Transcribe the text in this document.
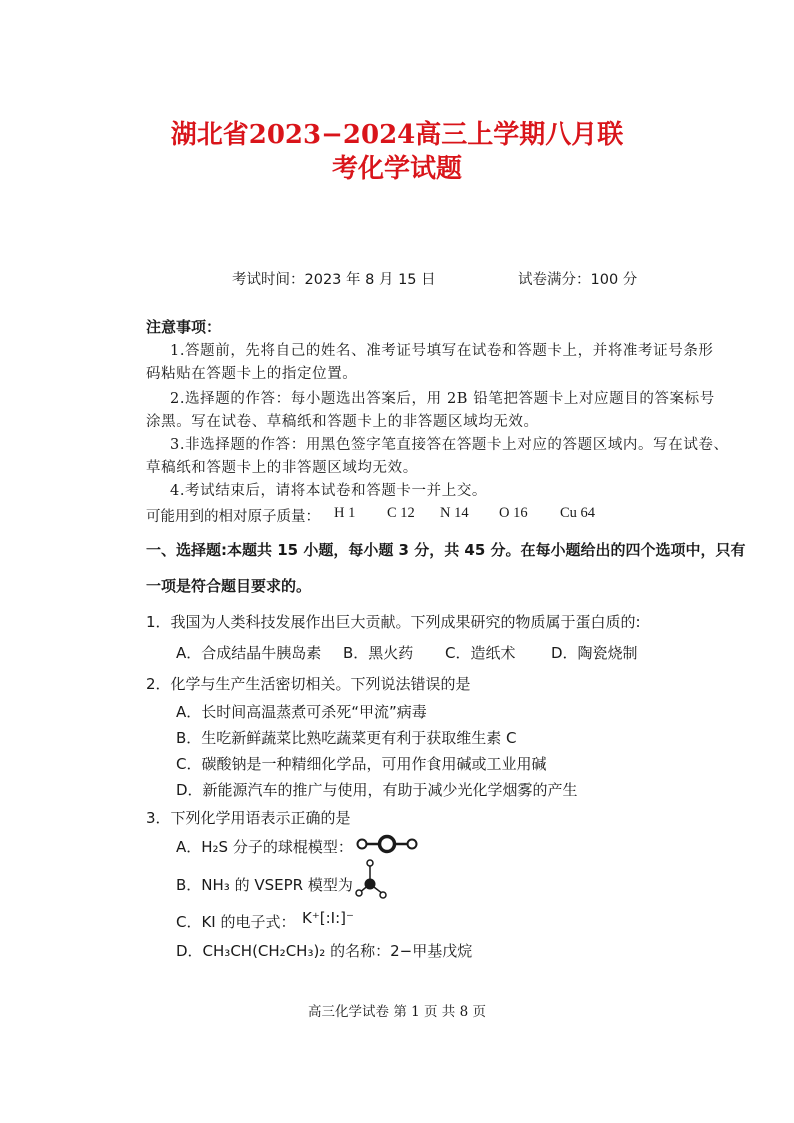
湖北省2023−2024高三上学期八月联
考化学试题
考试时间：2023 年 8 月 15 日	试卷满分：100 分
注意事项：
1.答题前，先将自己的姓名、准考证号填写在试卷和答题卡上，并将准考证号条形
码粘贴在答题卡上的指定位置。
2.选择题的作答：每小题选出答案后，用 2B 铅笔把答题卡上对应题目的答案标号
涂黑。写在试卷、草稿纸和答题卡上的非答题区域均无效。
3.非选择题的作答：用黑色签字笔直接答在答题卡上对应的答题区域内。写在试卷、
草稿纸和答题卡上的非答题区域均无效。
4.考试结束后，请将本试卷和答题卡一并上交。
可能用到的相对原子质量： H 1 C 12 N 14 O 16 Cu 64
一、选择题:本题共 15 小题，每小题 3 分，共 45 分。在每小题给出的四个选项中，只有
一项是符合题目要求的。
1．我国为人类科技发展作出巨大贡献。下列成果研究的物质属于蛋白质的:
A．合成结晶牛胰岛素 B．黑火药 C．造纸术 D．陶瓷烧制
2．化学与生产生活密切相关。下列说法错误的是
A．长时间高温蒸煮可杀死“甲流”病毒
B．生吃新鲜蔬菜比熟吃蔬菜更有利于获取维生素 C
C．碳酸钠是一种精细化学品，可用作食用碱或工业用碱
D．新能源汽车的推广与使用，有助于减少光化学烟雾的产生
3．下列化学用语表示正确的是
A．H₂S 分子的球棍模型：
B．NH₃ 的 VSEPR 模型为
C．KI 的电子式： K⁺[:I:]⁻
D．CH₃CH(CH₂CH₃)₂ 的名称：2−甲基戊烷
高三化学试卷 第 1 页 共 8 页
